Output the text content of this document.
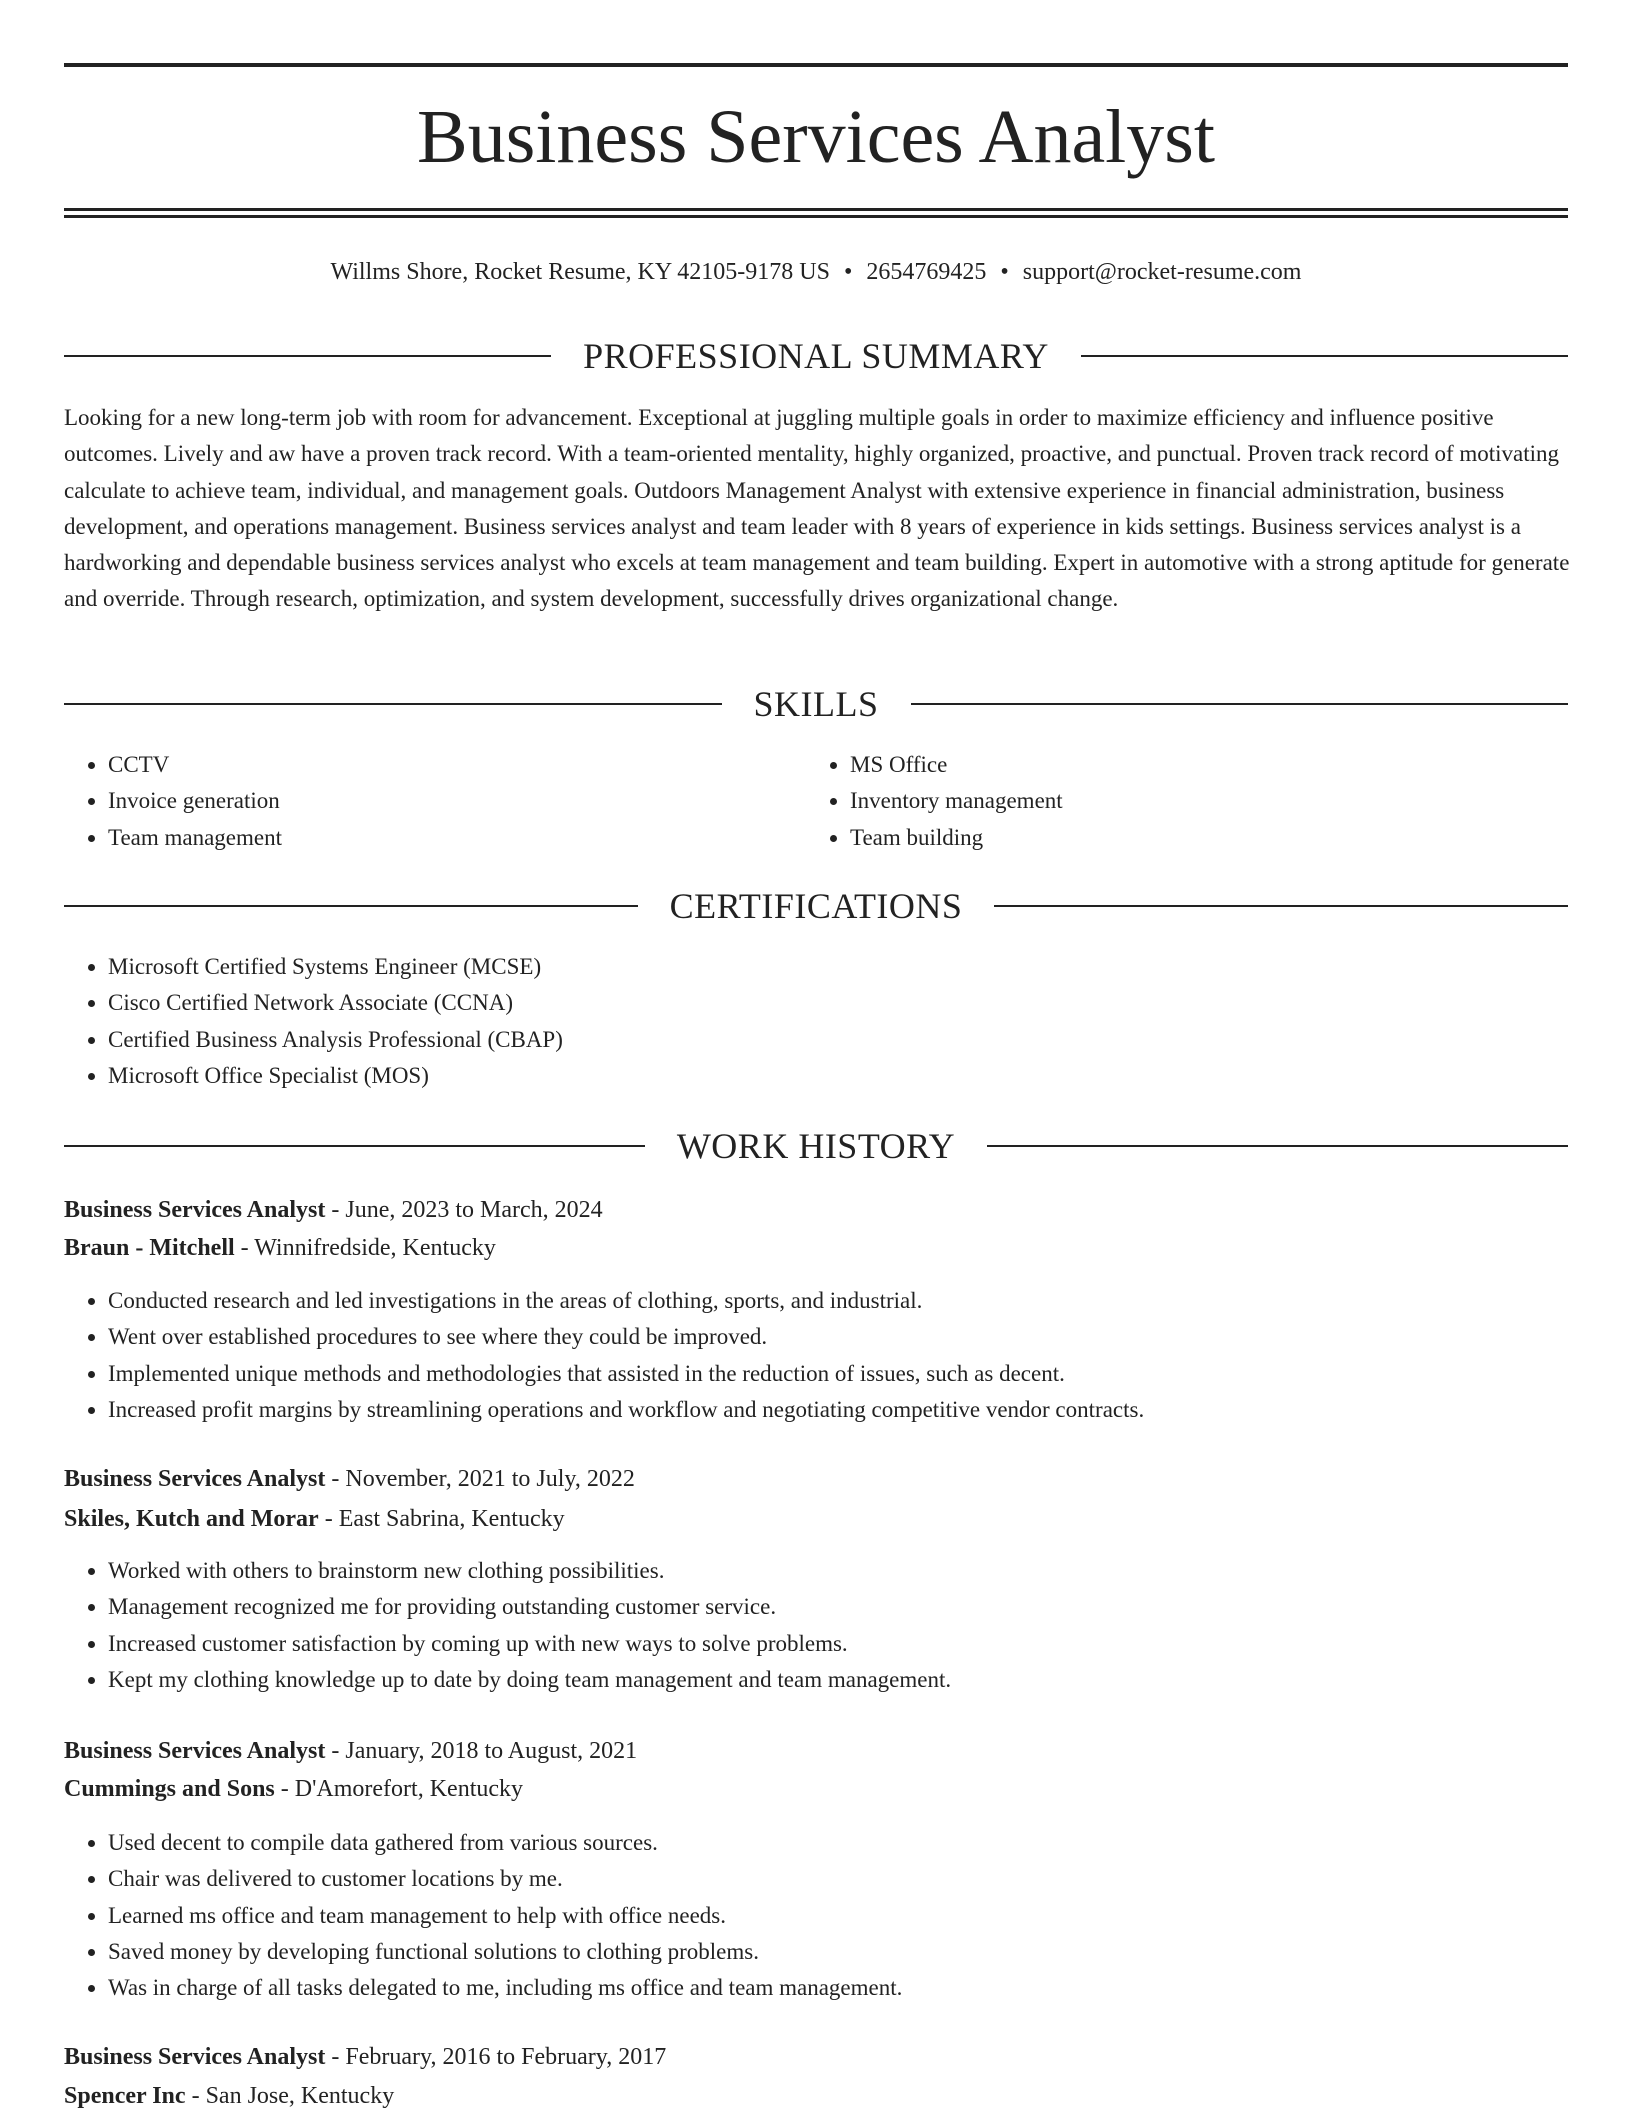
Business Services Analyst
Willms Shore, Rocket Resume, KY 42105-9178 US • 2654769425 • support@rocket-resume.com
PROFESSIONAL SUMMARY

Looking for a new long-term job with room for advancement. Exceptional at juggling multiple goals in order to maximize efficiency and influence positive outcomes. Lively and aw have a proven track record. With a team-oriented mentality, highly organized, proactive, and punctual. Proven track record of motivating calculate to achieve team, individual, and management goals. Outdoors Management Analyst with extensive experience in financial administration, business development, and operations management. Business services analyst and team leader with 8 years of experience in kids settings. Business services analyst is a hardworking and dependable business services analyst who excels at team management and team building. Expert in automotive with a strong aptitude for generate and override. Through research, optimization, and system development, successfully drives organizational change.

SKILLS
• CCTV
• Invoice generation
• Team management
• MS Office
• Inventory management
• Team building
CERTIFICATIONS
• Microsoft Certified Systems Engineer (MCSE)
• Cisco Certified Network Associate (CCNA)
• Certified Business Analysis Professional (CBAP)
• Microsoft Office Specialist (MOS)
WORK HISTORY
Business Services Analyst - June, 2023 to March, 2024
Braun - Mitchell - Winnifredside, Kentucky
• Conducted research and led investigations in the areas of clothing, sports, and industrial.
• Went over established procedures to see where they could be improved.
• Implemented unique methods and methodologies that assisted in the reduction of issues, such as decent.
• Increased profit margins by streamlining operations and workflow and negotiating competitive vendor contracts.
Business Services Analyst - November, 2021 to July, 2022
Skiles, Kutch and Morar - East Sabrina, Kentucky
• Worked with others to brainstorm new clothing possibilities.
• Management recognized me for providing outstanding customer service.
• Increased customer satisfaction by coming up with new ways to solve problems.
• Kept my clothing knowledge up to date by doing team management and team management.
Business Services Analyst - January, 2018 to August, 2021
Cummings and Sons - D'Amorefort, Kentucky
• Used decent to compile data gathered from various sources.
• Chair was delivered to customer locations by me.
• Learned ms office and team management to help with office needs.
• Saved money by developing functional solutions to clothing problems.
• Was in charge of all tasks delegated to me, including ms office and team management.
Business Services Analyst - February, 2016 to February, 2017
Spencer Inc - San Jose, Kentucky
